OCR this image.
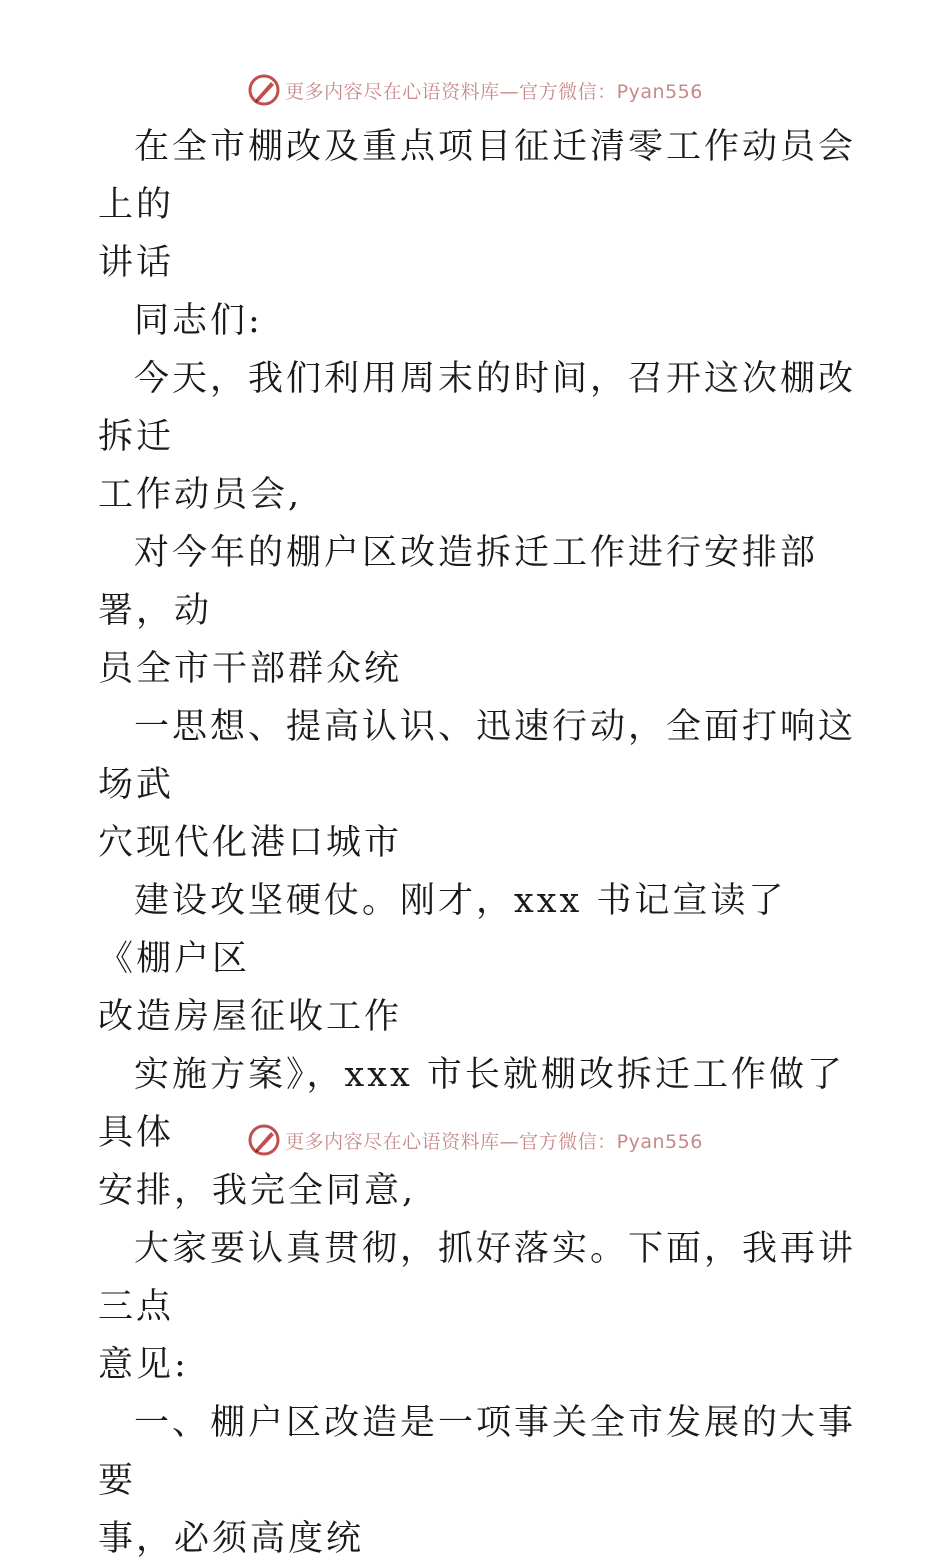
更多内容尽在心语资料库—官方微信：Pyan556

在全市棚改及重点项目征迁清零工作动员会上的
讲话

同志们:

今天，我们利用周末的时间，召开这次棚改拆迁
工作动员会,

对今年的棚户区改造拆迁工作进行安排部署，动
员全市干部群众统

一思想、提高认识、迅速行动，全面打响这场武
穴现代化港口城市

建设攻坚硬仗。刚才，xxx 书记宣读了《棚户区
改造房屋征收工作

实施方案》，xxx 市长就棚改拆迁工作做了具体
安排，我完全同意,

大家要认真贯彻，抓好落实。下面，我再讲三点
意见:

一、棚户区改造是一项事关全市发展的大事要
事，必须高度统

更多内容尽在心语资料库—官方微信：Pyan556
